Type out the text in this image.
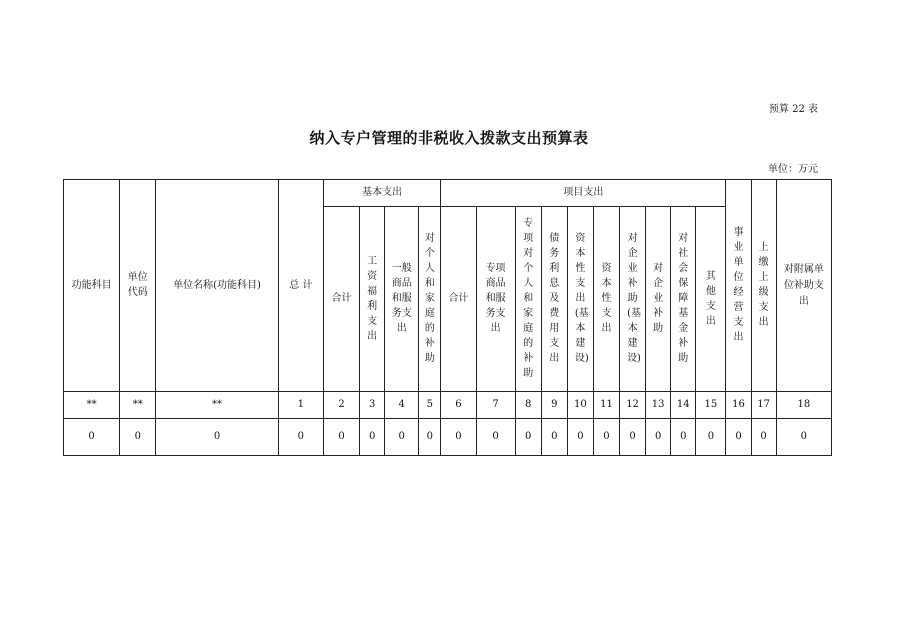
预算 22 表
纳入专户管理的非税收入拨款支出预算表
单位：万元
功能科目	单位代码	单位名称(功能科目)	总 计	基本支出				项目支出										事业单位经营支出	上缴上级支出	对附属单位补助支出
				合计	工资福利支出	一般商品和服务支出	对个人和家庭的补助	合计	专项商品和服务支出	专项对个人和家庭的补助	债务利息及费用支出	资本性支出(基本建设)	资本性支出	对企业补助(基本建设)	对企业补助	对社会保障基金补助	其他支出			
**	**	**	1	2	3	4	5	6	7	8	9	10	11	12	13	14	15	16	17	18
0	0	0	0	0	0	0	0	0	0	0	0	0	0	0	0	0	0	0	0	0
